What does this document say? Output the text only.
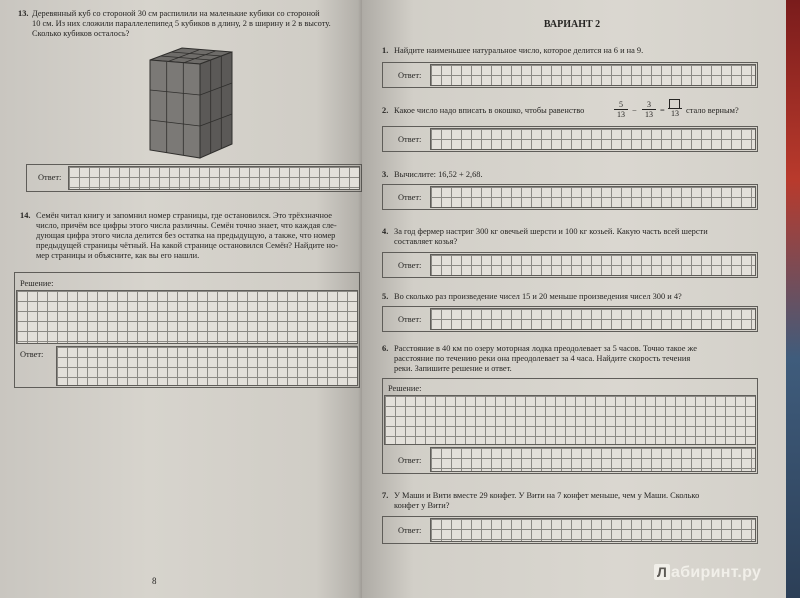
13. Деревянный куб со стороной 30 см распилили на маленькие кубики со стороной
10 см. Из них сложили параллелепипед 5 кубиков в длину, 2 в ширину и 2 в высоту.
Сколько кубиков осталось?
Ответ:
14. Семён читал книгу и запомнил номер страницы, где остановился. Это трёхзначное
число, причём все цифры этого числа различны. Семён точно знает, что каждая сле-
дующая цифра этого числа делится без остатка на предыдущую, а также, что номер
предыдущей страницы чётный. На какой странице остановился Семён? Найдите но-
мер страницы и объясните, как вы его нашли.
Решение:
Ответ:
8
ВАРИАНТ 2
1. Найдите наименьшее натуральное число, которое делится на 6 и на 9.
Ответ:
2. Какое число надо вписать в окошко, чтобы равенство	$\frac{5}{13} - \frac{3}{13} = 13$ стало верным?
Ответ:
3. Вычислите: 16,52 + 2,68.
Ответ:
4. За год фермер настриг 300 кг овечьей шерсти и 100 кг козьей. Какую часть всей шерсти
составляет козья?
Ответ:
5. Во сколько раз произведение чисел 15 и 20 меньше произведения чисел 300 и 4?
Ответ:
6. Расстояние в 40 км по озеру моторная лодка преодолевает за 5 часов. Точно такое же
расстояние по течению реки она преодолевает за 4 часа. Найдите скорость течения
реки. Запишите решение и ответ.
Решение:
Ответ:
7. У Маши и Вити вместе 29 конфет. У Вити на 7 конфет меньше, чем у Маши. Сколько
конфет у Вити?
Ответ:
Л абиринт.ру
